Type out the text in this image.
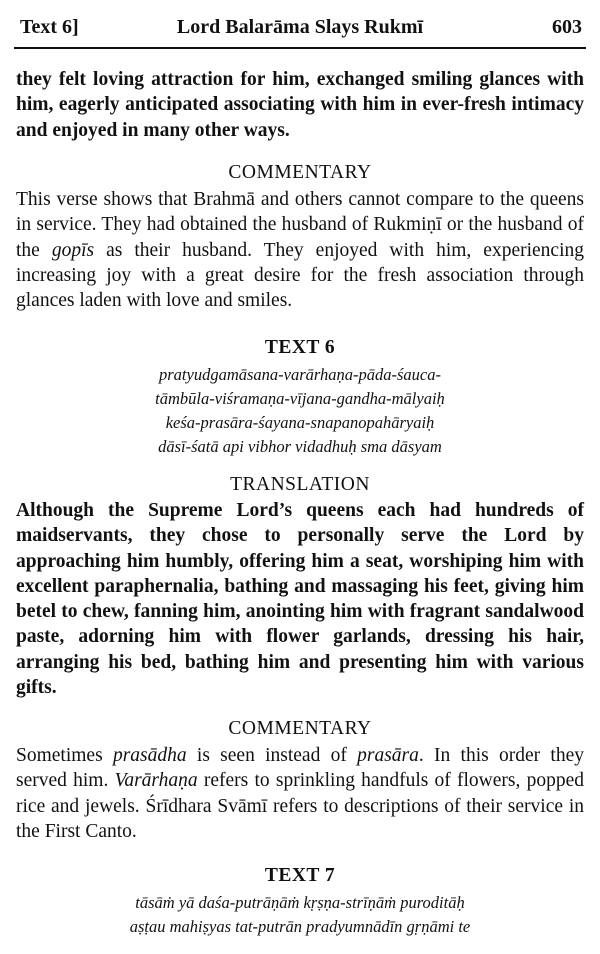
Text 6]	Lord Balarāma Slays Rukmī	603
they felt loving attraction for him, exchanged smiling glances with him, eagerly anticipated associating with him in ever-fresh intimacy and enjoyed in many other ways.
COMMENTARY
This verse shows that Brahmā and others cannot compare to the queens in service. They had obtained the husband of Rukmiṇī or the husband of the gopīs as their husband. They enjoyed with him, experiencing increasing joy with a great desire for the fresh association through glances laden with love and smiles.
TEXT 6
pratyudgamāsana-varārhaṇa-pāda-śauca-
tāmbūla-viśramaṇa-vījana-gandha-mālyaiḥ
keśa-prasāra-śayana-snapanopahāryaiḥ
dāsī-śatā api vibhor vidadhuḥ sma dāsyam
TRANSLATION
Although the Supreme Lord’s queens each had hundreds of maidservants, they chose to personally serve the Lord by approaching him humbly, offering him a seat, worshiping him with excellent paraphernalia, bathing and massaging his feet, giving him betel to chew, fanning him, anointing him with fragrant sandalwood paste, adorning him with flower garlands, dressing his hair, arranging his bed, bathing him and presenting him with various gifts.
COMMENTARY
Sometimes prasādha is seen instead of prasāra. In this order they served him. Varārhaṇa refers to sprinkling handfuls of flowers, popped rice and jewels. Śrīdhara Svāmī refers to descriptions of their service in the First Canto.
TEXT 7
tāsāṁ yā daśa-putrāṇāṁ kṛṣṇa-strīṇāṁ puroditāḥ
aṣṭau mahiṣyas tat-putrān pradyumnādīn gṛṇāmi te
